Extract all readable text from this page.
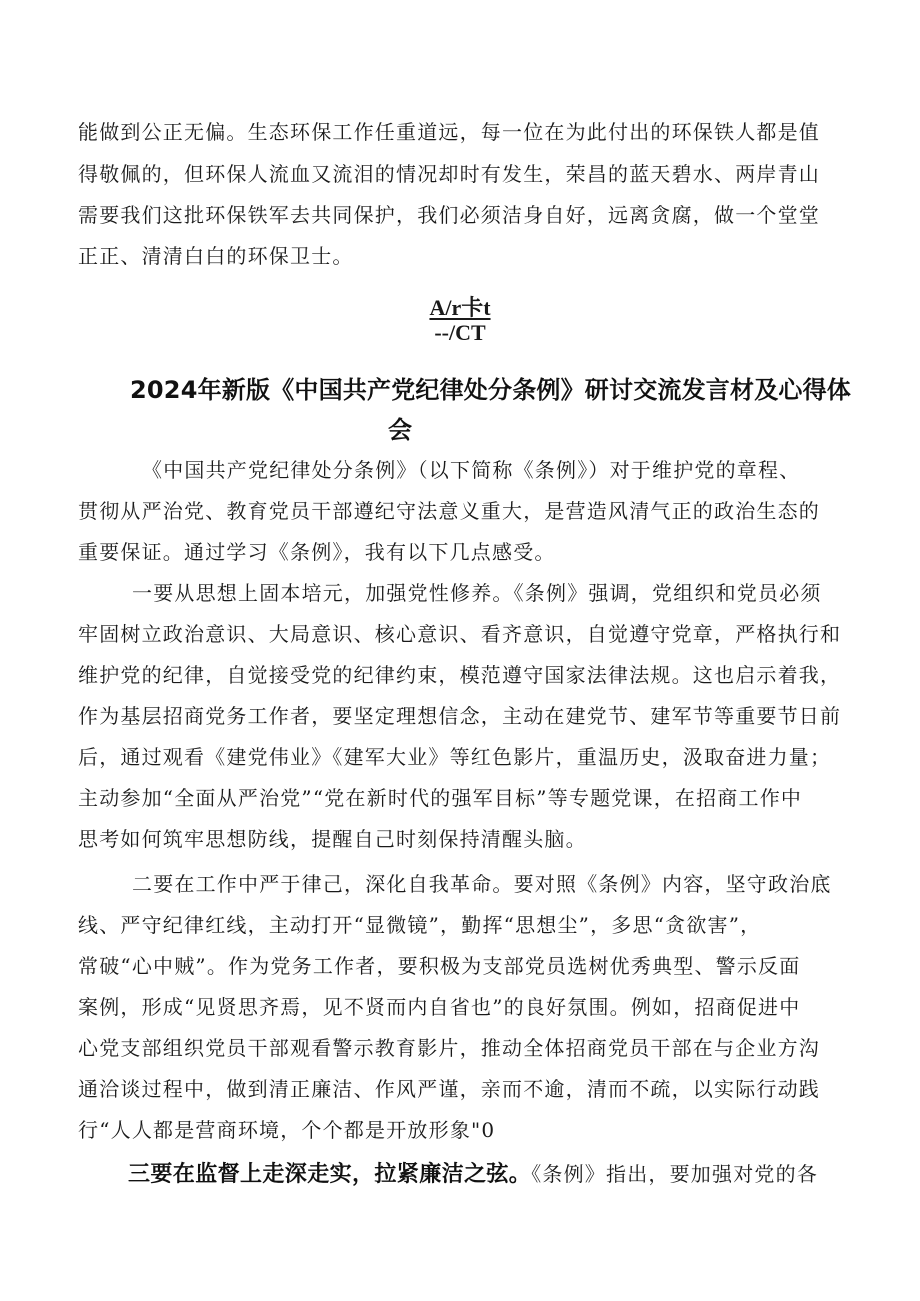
能做到公正无偏。生态环保工作任重道远，每一位在为此付出的环保铁人都是值
得敬佩的，但环保人流血又流泪的情况却时有发生，荣昌的蓝天碧水、两岸青山
需要我们这批环保铁军去共同保护，我们必须洁身自好，远离贪腐，做一个堂堂
正正、清清白白的环保卫士。
A/r卡t
--/CT
2024年新版《中国共产党纪律处分条例》研讨交流发言材及心得体
会
《中国共产党纪律处分条例》（以下简称《条例》）对于维护党的章程、
贯彻从严治党、教育党员干部遵纪守法意义重大，是营造风清气正的政治生态的
重要保证。通过学习《条例》，我有以下几点感受。
一要从思想上固本培元，加强党性修养。《条例》强调，党组织和党员必须
牢固树立政治意识、大局意识、核心意识、看齐意识，自觉遵守党章，严格执行和
维护党的纪律，自觉接受党的纪律约束，模范遵守国家法律法规。这也启示着我，
作为基层招商党务工作者，要坚定理想信念，主动在建党节、建军节等重要节日前
后，通过观看《建党伟业》《建军大业》等红色影片，重温历史，汲取奋进力量；
主动参加“全面从严治党”“党在新时代的强军目标”等专题党课，在招商工作中
思考如何筑牢思想防线，提醒自己时刻保持清醒头脑。
二要在工作中严于律己，深化自我革命。要对照《条例》内容，坚守政治底
线、严守纪律红线，主动打开“显微镜”，勤挥“思想尘”，多思“贪欲害”，
常破“心中贼”。作为党务工作者，要积极为支部党员选树优秀典型、警示反面
案例，形成“见贤思齐焉，见不贤而内自省也”的良好氛围。例如，招商促进中
心党支部组织党员干部观看警示教育影片，推动全体招商党员干部在与企业方沟
通洽谈过程中，做到清正廉洁、作风严谨，亲而不逾，清而不疏，以实际行动践
行“人人都是营商环境，个个都是开放形象"0
三要在监督上走深走实，拉紧廉洁之弦。《条例》指出，要加强对党的各
